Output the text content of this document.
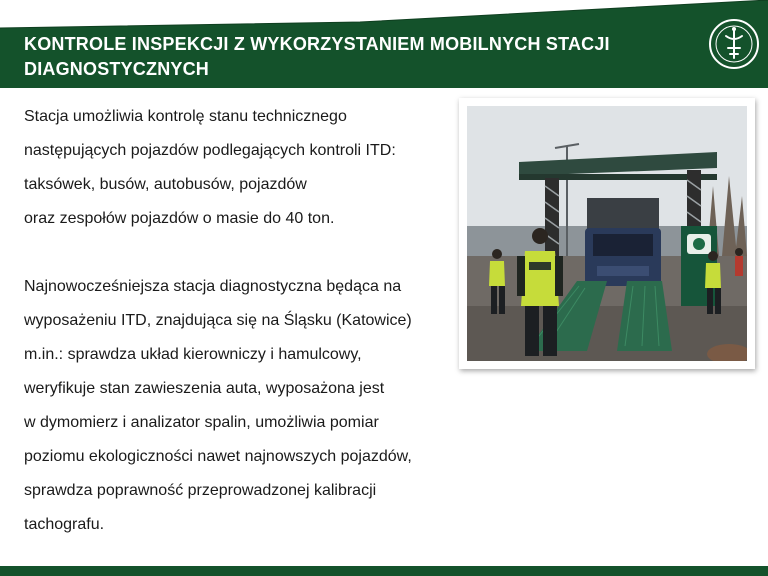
KONTROLE INSPEKCJI Z WYKORZYSTANIEM MOBILNYCH STACJI
DIAGNOSTYCZNYCH
Stacja umożliwia kontrolę stanu technicznego
następujących pojazdów podlegających kontroli ITD:
taksówek, busów, autobusów, pojazdów
oraz zespołów pojazdów o masie do 40 ton.
Najnowocześniejsza stacja diagnostyczna będąca na
wyposażeniu ITD, znajdująca się na Śląsku (Katowice)
m.in.: sprawdza układ kierowniczy i hamulcowy,
weryfikuje stan zawieszenia auta, wyposażona jest
w dymomierz i analizator spalin, umożliwia pomiar
poziomu ekologiczności nawet najnowszych pojazdów,
sprawdza poprawność przeprowadzonej kalibracji
tachografu.
